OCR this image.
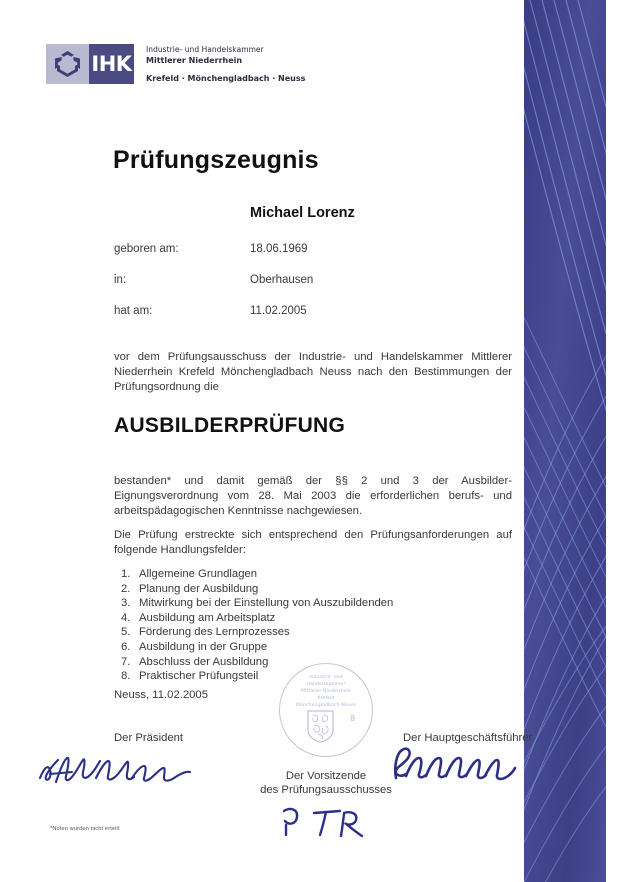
IHK
Industrie- und Handelskammer
Mittlerer Niederrhein
Krefeld · Mönchengladbach · Neuss
Prüfungszeugnis
Michael Lorenz
geboren am:	18.06.1969
in:	Oberhausen
hat am:	11.02.2005
vor dem Prüfungsausschuss der Industrie- und Handelskammer Mittlerer Niederrhein Krefeld Mönchengladbach Neuss nach den Bestimmungen der Prüfungsordnung die
AUSBILDERPRÜFUNG
bestanden* und damit gemäß der §§ 2 und 3 der Ausbilder-Eignungsverordnung vom 28. Mai 2003 die erforderlichen berufs- und arbeitspädagogischen Kenntnisse nachgewiesen.
Die Prüfung erstreckte sich entsprechend den Prüfungsanforderungen auf folgende Handlungsfelder:
1. Allgemeine Grundlagen
2. Planung der Ausbildung
3. Mitwirkung bei der Einstellung von Auszubildenden
4. Ausbildung am Arbeitsplatz
5. Förderung des Lernprozesses
6. Ausbildung in der Gruppe
7. Abschluss der Ausbildung
8. Praktischer Prüfungsteil
Neuss, 11.02.2005
Industrie- und
Handelskammer
Mittlerer Niederrhein
Krefeld
Mönchengladbach-Neuss
8
Der Präsident	Der Hauptgeschäftsführer
Der Vorsitzende
des Prüfungsausschusses
*Noten wurden nicht erteilt
